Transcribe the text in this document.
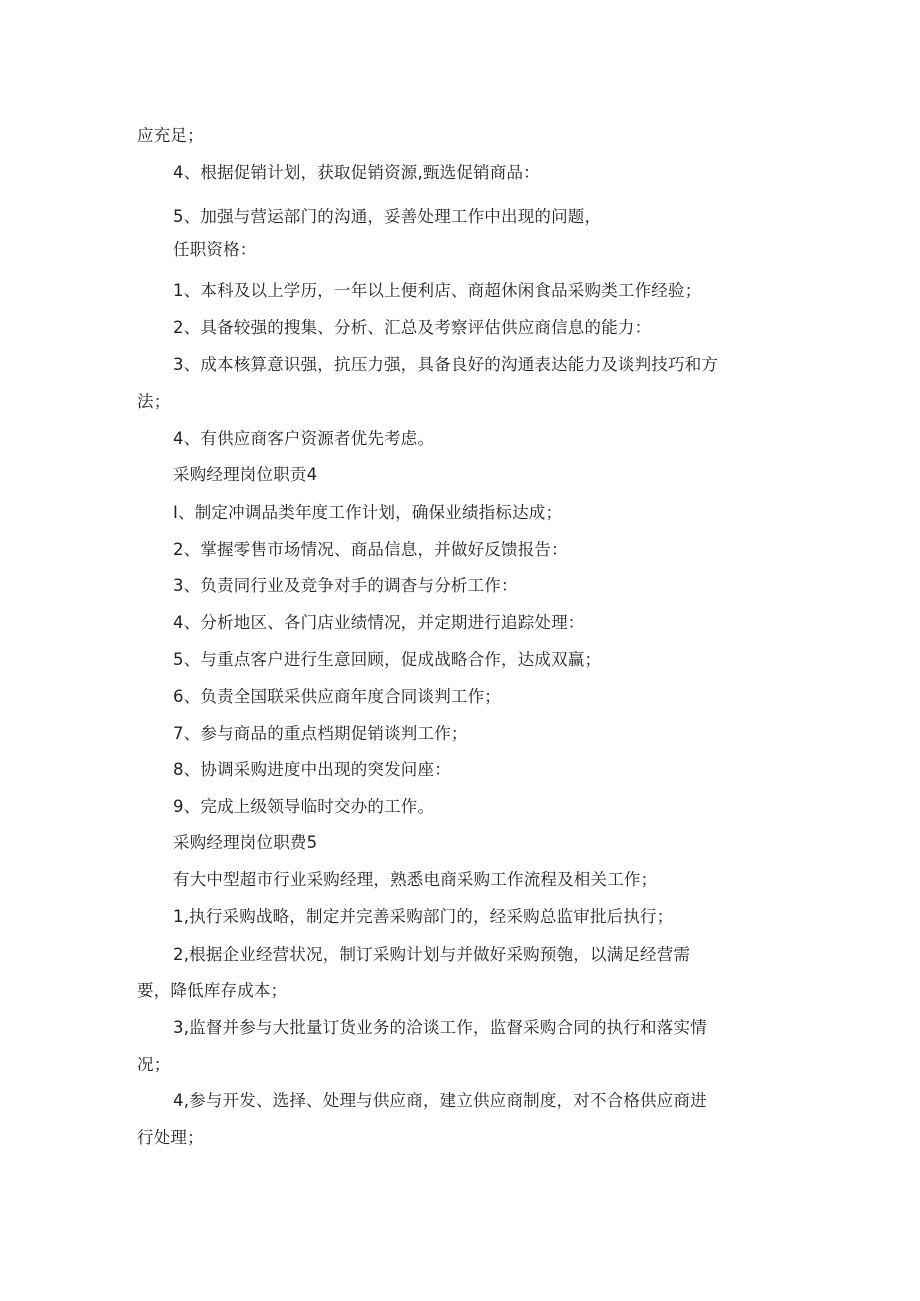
应充足；

4、根据促销计划，获取促销资源,甄选促销商品：

5、加强与营运部门的沟通，妥善处理工作中出现的问题，

任职资格：

1、本科及以上学历，一年以上便利店、商超休闲食品采购类工作经验；

2、具备较强的搜集、分析、汇总及考察评估供应商信息的能力：

3、成本核算意识强，抗压力强，具备良好的沟通表达能力及谈判技巧和方

法；

4、有供应商客户资源者优先考虑。

采购经理岗位职贡4

I、制定冲调品类年度工作计划，确保业绩指标达成；

2、掌握零售市场情况、商品信息，并做好反馈报告：

3、负责同行业及竞争对手的调杳与分析工作：

4、分析地区、各门店业绩情况，并定期进行追踪处理：

5、与重点客户进行生意回顾，促成战略合作，达成双赢；

6、负责全国联采供应商年度合同谈判工作；

7、参与商品的重点档期促销谈判工作；

8、协调采购进度中出现的突发问座：

9、完成上级领导临时交办的工作。

采购经理岗位职费5

有大中型超市行业采购经理，熟悉电商采购工作流程及相关工作；

1,执行采购战略，制定并完善采购部门的，经采购总监审批后执行；

2,根据企业经营状况，制订采购计划与并做好采购预匏，以满足经营需

要，降低库存成本；

3,监督并参与大批量订货业务的洽谈工作，监督采购合同的执行和落实情

况；

4,参与开发、选择、处理与供应商，建立供应商制度，对不合格供应商进

行处理；
